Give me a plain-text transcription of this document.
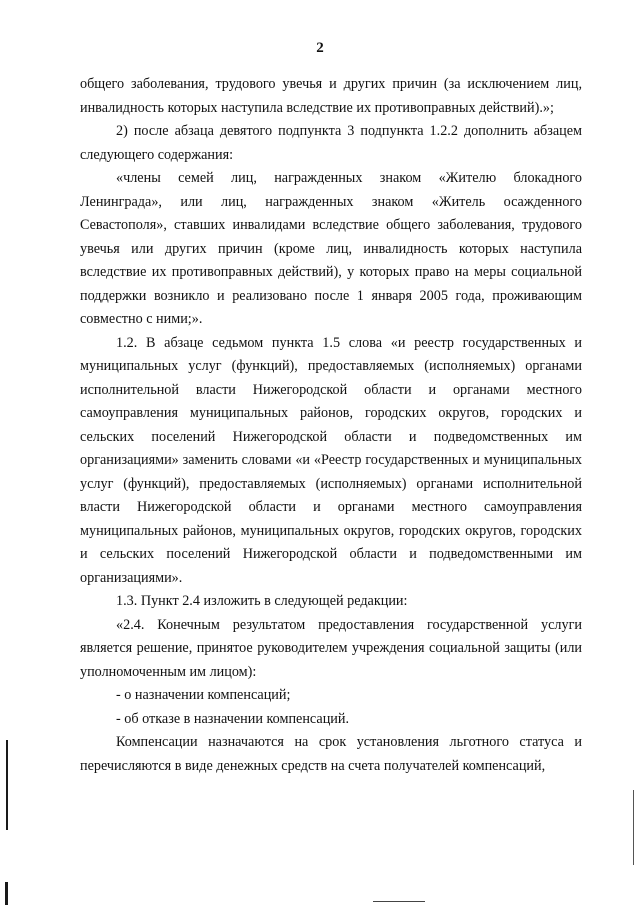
2

общего заболевания, трудового увечья и других причин (за исключением лиц, инвалидность которых наступила вследствие их противоправных действий).»;

2) после абзаца девятого подпункта 3 подпункта 1.2.2 дополнить абзацем следующего содержания:

«члены семей лиц, награжденных знаком «Жителю блокадного Ленинграда», или лиц, награжденных знаком «Житель осажденного Севастополя», ставших инвалидами вследствие общего заболевания, трудового увечья или других причин (кроме лиц, инвалидность которых наступила вследствие их противоправных действий), у которых право на меры социальной поддержки возникло и реализовано после 1 января 2005 года, проживающим совместно с ними;».

1.2. В абзаце седьмом пункта 1.5 слова «и реестр государственных и муниципальных услуг (функций), предоставляемых (исполняемых) органами исполнительной власти Нижегородской области и органами местного самоуправления муниципальных районов, городских округов, городских и сельских поселений Нижегородской области и подведомственных им организациями» заменить словами «и «Реестр государственных и муниципальных услуг (функций), предоставляемых (исполняемых) органами исполнительной власти Нижегородской области и органами местного самоуправления муниципальных районов, муниципальных округов, городских округов, городских и сельских поселений Нижегородской области и подведомственными им организациями».

1.3. Пункт 2.4 изложить в следующей редакции:

«2.4. Конечным результатом предоставления государственной услуги является решение, принятое руководителем учреждения социальной защиты (или уполномоченным им лицом):

- о назначении компенсаций;

- об отказе в назначении компенсаций.

Компенсации назначаются на срок установления льготного статуса и перечисляются в виде денежных средств на счета получателей компенсаций,
